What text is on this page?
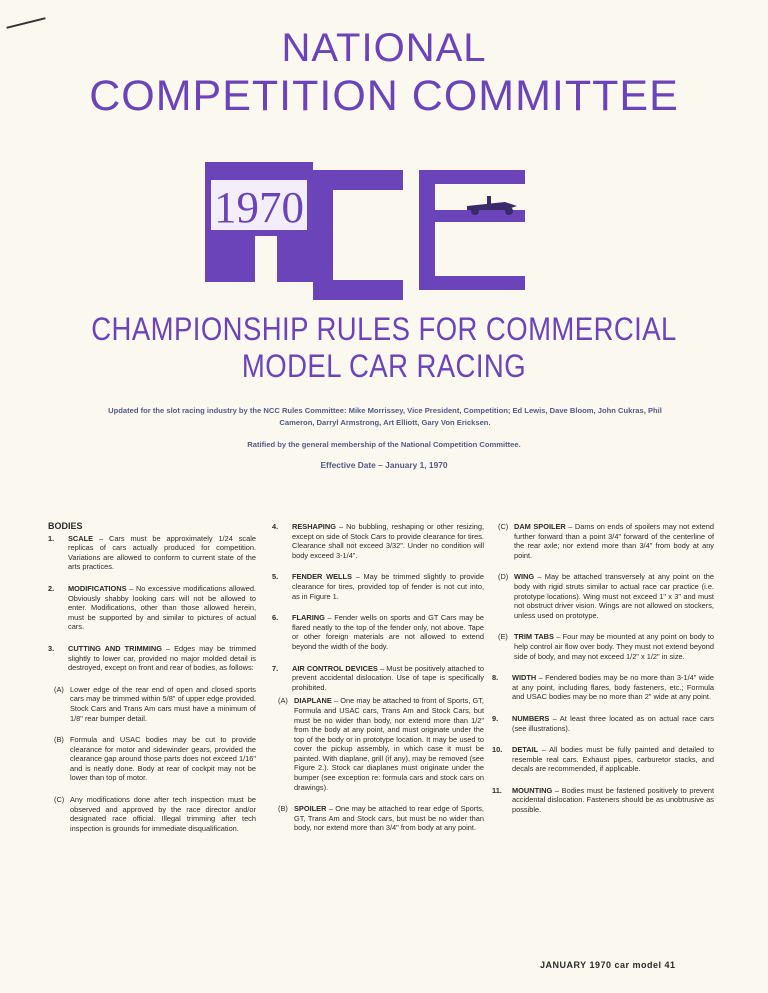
NATIONAL
COMPETITION COMMITTEE
1970
CHAMPIONSHIP RULES FOR COMMERCIAL MODEL CAR RACING
Updated for the slot racing industry by the NCC Rules Committee: Mike Morrissey, Vice President, Competition; Ed Lewis, Dave Bloom, John Cukras, Phil Cameron, Darryl Armstrong, Art Elliott, Gary Von Ericksen.
Ratified by the general membership of the National Competition Committee.
Effective Date – January 1, 1970
BODIES
1.	SCALE – Cars must be approximately 1/24 scale replicas of cars actually produced for competition. Variations are allowed to conform to current state of the arts practices.
2.	MODIFICATIONS – No excessive modifications allowed. Obviously shabby looking cars will not be allowed to enter. Modifications, other than those allowed herein, must be supported by and similar to pictures of actual cars.
3.	CUTTING AND TRIMMING – Edges may be trimmed slightly to lower car, provided no major molded detail is destroyed, except on front and rear of bodies, as follows:
(A) Lower edge of the rear end of open and closed sports cars may be trimmed within 5/8" of upper edge provided. Stock Cars and Trans Am cars must have a minimum of 1/8" rear bumper detail.
(B) Formula and USAC bodies may be cut to provide clearance for motor and sidewinder gears, provided the clearance gap around those parts does not exceed 1/16" and is neatly done. Body at rear of cockpit may not be lower than top of motor.
(C) Any modifications done after tech inspection must be observed and approved by the race director and/or designated race official. Illegal trimming after tech inspection is grounds for immediate disqualification.
4.	RESHAPING – No bubbling, reshaping or other resizing, except on side of Stock Cars to provide clearance for tires. Clearance shall not exceed 3/32". Under no condition will body exceed 3-1/4".
5.	FENDER WELLS – May be trimmed slightly to provide clearance for tires, provided top of fender is not cut into, as in Figure 1.
6.	FLARING – Fender wells on sports and GT Cars may be flared neatly to the top of the fender only, not above. Tape or other foreign materials are not allowed to extend beyond the width of the body.
7.	AIR CONTROL DEVICES – Must be positively attached to prevent accidental dislocation. Use of tape is specifically prohibited.
(A) DIAPLANE – One may be attached to front of Sports, GT, Formula and USAC cars, Trans Am and Stock Cars, but must be no wider than body, nor extend more than 1/2" from the body at any point, and must originate under the top of the body or in prototype location. It may be used to cover the pickup assembly, in which case it must be painted. With diaplane, grill (if any), may be removed (see Figure 2.). Stock car diaplanes must originate under the bumper (see exception re: formula cars and stock cars on drawings).
(B) SPOILER – One may be attached to rear edge of Sports, GT, Trans Am and Stock cars, but must be no wider than body, nor extend more than 3/4" from body at any point.
(C) DAM SPOILER – Dams on ends of spoilers may not extend further forward than a point 3/4" forward of the centerline of the rear axle; nor extend more than 3/4" from body at any point.
(D) WING – May be attached transversely at any point on the body with rigid struts similar to actual race car practice (i.e. prototype locations). Wing must not exceed 1" x 3" and must not obstruct driver vision. Wings are not allowed on stockers, unless used on prototype.
(E) TRIM TABS – Four may be mounted at any point on body to help control air flow over body. They must not extend beyond side of body, and may not exceed 1/2" x 1/2" in size.
8.	WIDTH – Fendered bodies may be no more than 3-1/4" wide at any point, including flares, body fasteners, etc.; Formula and USAC bodies may be no more than 2" wide at any point.
9.	NUMBERS – At least three located as on actual race cars (see illustrations).
10.	DETAIL – All bodies must be fully painted and detailed to resemble real cars. Exhaust pipes, carburetor stacks, and decals are recommended, if applicable.
11.	MOUNTING – Bodies must be fastened positively to prevent accidental dislocation. Fasteners should be as unobtrusive as possible.
JANUARY 1970 car model 41
